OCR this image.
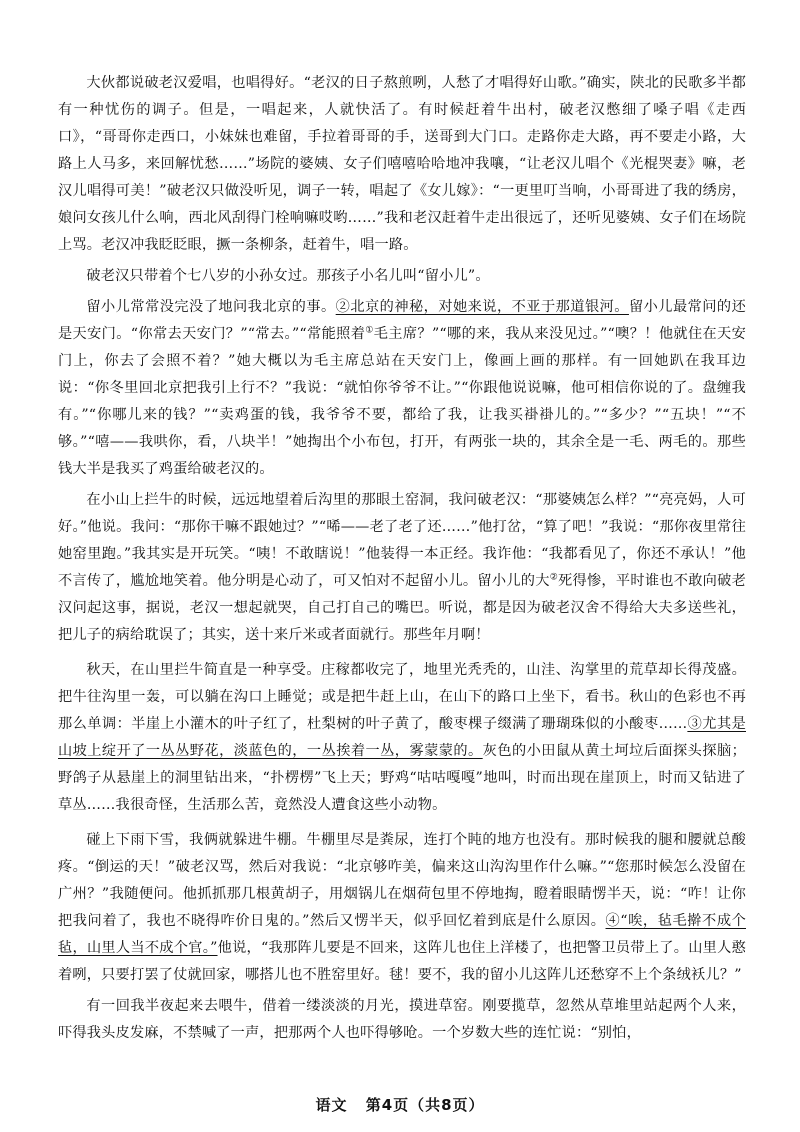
大伙都说破老汉爱唱，也唱得好。“老汉的日子熬煎咧，人愁了才唱得好山歌。”确实，陕北的民歌多半都有一种忧伤的调子。但是，一唱起来，人就快活了。有时候赶着牛出村，破老汉憋细了嗓子唱《走西口》，“哥哥你走西口，小妹妹也难留，手拉着哥哥的手，送哥到大门口。走路你走大路，再不要走小路，大路上人马多，来回解忧愁……”场院的婆姨、女子们嘻嘻哈哈地冲我嚷，“让老汉儿唱个《光棍哭妻》嘛，老汉儿唱得可美！”破老汉只做没听见，调子一转，唱起了《女儿嫁》：“一更里叮当响，小哥哥进了我的绣房，娘问女孩儿什么响，西北风刮得门栓响嘛哎哟……”我和老汉赶着牛走出很远了，还听见婆姨、女子们在场院上骂。老汉冲我眨眨眼，撅一条柳条，赶着牛，唱一路。

破老汉只带着个七八岁的小孙女过。那孩子小名儿叫“留小儿”。

留小儿常常没完没了地问我北京的事。②北京的神秘，对她来说，不亚于那道银河。留小儿最常问的还是天安门。“你常去天安门？”“常去。”“常能照着①毛主席？”“哪的来，我从来没见过。”“噢？！他就住在天安门上，你去了会照不着？”她大概以为毛主席总站在天安门上，像画上画的那样。有一回她趴在我耳边说：“你冬里回北京把我引上行不？”我说：“就怕你爷爷不让。”“你跟他说说嘛，他可相信你说的了。盘缠我有。”“你哪儿来的钱？”“卖鸡蛋的钱，我爷爷不要，都给了我，让我买褂褂儿的。”“多少？”“五块！”“不够。”“嘻——我哄你，看，八块半！”她掏出个小布包，打开，有两张一块的，其余全是一毛、两毛的。那些钱大半是我买了鸡蛋给破老汉的。

在小山上拦牛的时候，远远地望着后沟里的那眼土窑洞，我问破老汉：“那婆姨怎么样？”“亮亮妈，人可好。”他说。我问：“那你干嘛不跟她过？”“唏——老了老了还……”他打岔，“算了吧！”我说：“那你夜里常往她窑里跑。”我其实是开玩笑。“咦！不敢瞎说！”他装得一本正经。我诈他：“我都看见了，你还不承认！”他不言传了，尴尬地笑着。他分明是心动了，可又怕对不起留小儿。留小儿的大②死得惨，平时谁也不敢向破老汉问起这事，据说，老汉一想起就哭，自己打自己的嘴巴。听说，都是因为破老汉舍不得给大夫多送些礼，把儿子的病给耽误了；其实，送十来斤米或者面就行。那些年月啊！

秋天，在山里拦牛简直是一种享受。庄稼都收完了，地里光秃秃的，山洼、沟掌里的荒草却长得茂盛。把牛往沟里一轰，可以躺在沟口上睡觉；或是把牛赶上山，在山下的路口上坐下，看书。秋山的色彩也不再那么单调：半崖上小灌木的叶子红了，杜梨树的叶子黄了，酸枣棵子缀满了珊瑚珠似的小酸枣……③尤其是山坡上绽开了一丛丛野花，淡蓝色的，一丛挨着一丛，雾蒙蒙的。灰色的小田鼠从黄土坷垃后面探头探脑；野鸽子从悬崖上的洞里钻出来，“扑楞楞”飞上天；野鸡“咕咕嘎嘎”地叫，时而出现在崖顶上，时而又钻进了草丛……我很奇怪，生活那么苦，竟然没人遭食这些小动物。

碰上下雨下雪，我俩就躲进牛棚。牛棚里尽是粪尿，连打个盹的地方也没有。那时候我的腿和腰就总酸疼。“倒运的天！”破老汉骂，然后对我说：“北京够咋美，偏来这山沟沟里作什么嘛。”“您那时候怎么没留在广州？”我随便问。他抓抓那几根黄胡子，用烟锅儿在烟荷包里不停地掏，瞪着眼睛愣半天，说：“咋！让你把我问着了，我也不晓得咋价日鬼的。”然后又愣半天，似乎回忆着到底是什么原因。④“唉，毡毛擀不成个毡，山里人当不成个官。”他说，“我那阵儿要是不回来，这阵儿也住上洋楼了，也把警卫员带上了。山里人憨着咧，只要打罢了仗就回家，哪搭儿也不胜窑里好。毬！要不，我的留小儿这阵儿还愁穿不上个条绒袄儿？”

有一回我半夜起来去喂牛，借着一缕淡淡的月光，摸进草窑。刚要揽草，忽然从草堆里站起两个人来，吓得我头皮发麻，不禁喊了一声，把那两个人也吓得够呛。一个岁数大些的连忙说：“别怕，

语文 第4页（共8页）
